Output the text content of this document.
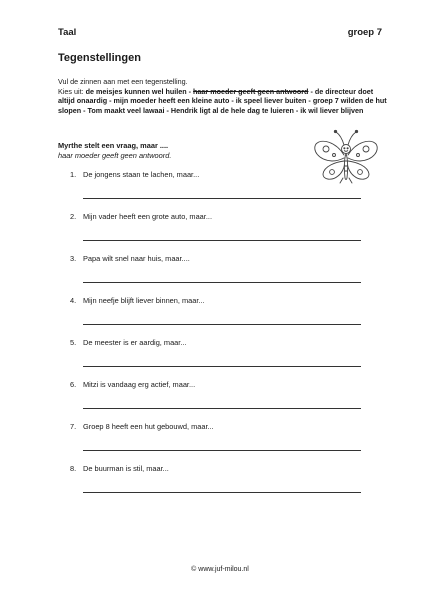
Taal	groep 7
Tegenstellingen
Vul de zinnen aan met een tegenstelling.
Kies uit: de meisjes kunnen wel huilen - haar moeder geeft geen antwoord - de directeur doet altijd onaardig - mijn moeder heeft een kleine auto - ik speel liever buiten - groep 7 wilden de hut slopen - Tom maakt veel lawaai - Hendrik ligt al de hele dag te luieren - ik wil liever blijven
Myrthe stelt een vraag, maar ....
haar moeder geeft geen antwoord.
1. De jongens staan te lachen, maar...
2. Mijn vader heeft een grote auto, maar...
3. Papa wilt snel naar huis, maar....
4. Mijn neefje blijft liever binnen, maar...
5. De meester is er aardig, maar...
6. Mitzi is vandaag erg actief, maar...
7. Groep 8 heeft een hut gebouwd, maar...
8. De buurman is stil, maar...
© www.juf-milou.nl
